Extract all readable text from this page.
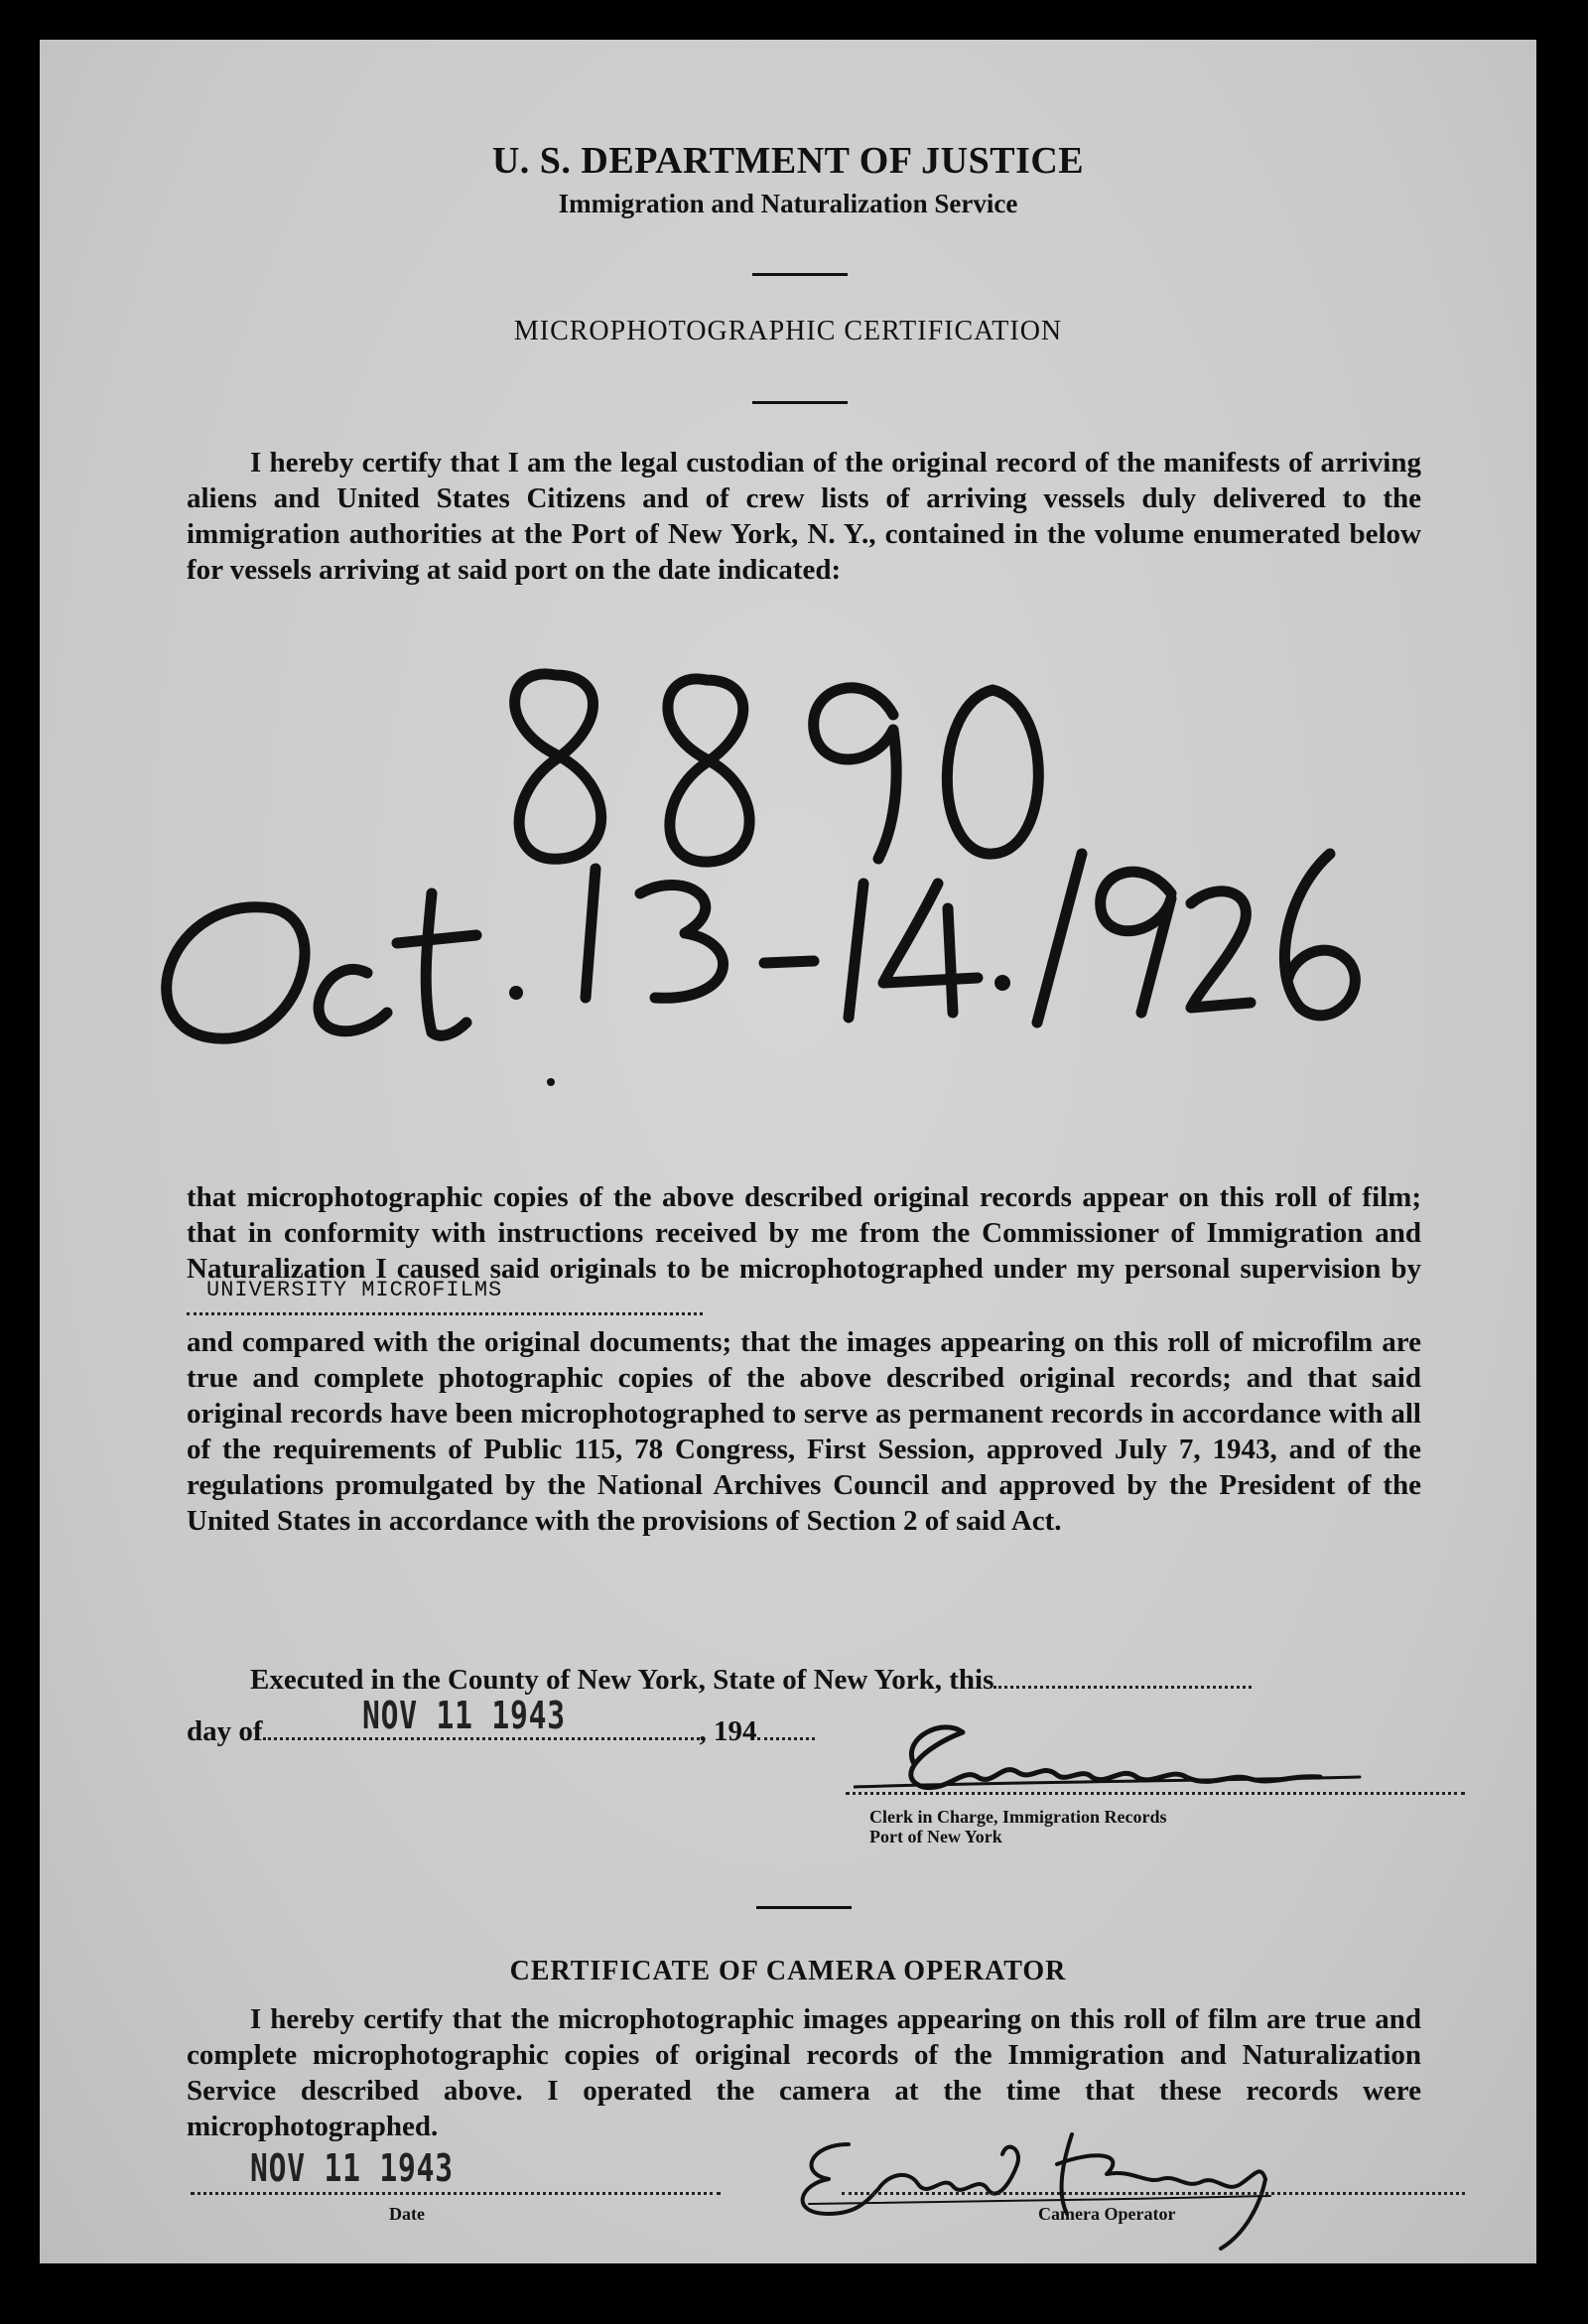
U. S. DEPARTMENT OF JUSTICE
Immigration and Naturalization Service
MICROPHOTOGRAPHIC CERTIFICATION

I hereby certify that I am the legal custodian of the original record of the manifests of arriving aliens and United States Citizens and of crew lists of arriving vessels duly delivered to the immigration authorities at the Port of New York, N. Y., contained in the volume enumerated below for vessels arriving at said port on the date indicated:

that microphotographic copies of the above described original records appear on this roll of film; that in conformity with instructions received by me from the Commissioner of Immigration and Naturalization I caused said originals to be microphotographed under my personal supervision by
UNIVERSITY MICROFILMS

and compared with the original documents; that the images appearing on this roll of microfilm are true and complete photographic copies of the above described original records; and that said original records have been microphotographed to serve as permanent records in accordance with all of the requirements of Public 115, 78 Congress, First Session, approved July 7, 1943, and of the regulations promulgated by the National Archives Council and approved by the President of the United States in accordance with the provisions of Section 2 of said Act.

Executed in the County of New York, State of New York, this

day of	NOV 11 1943	, 194
Clerk in Charge, Immigration Records
Port of New York
CERTIFICATE OF CAMERA OPERATOR

I hereby certify that the microphotographic images appearing on this roll of film are true and complete microphotographic copies of original records of the Immigration and Naturalization Service described above. I operated the camera at the time that these records were microphotographed.

NOV 11 1943
Date	Camera Operator
